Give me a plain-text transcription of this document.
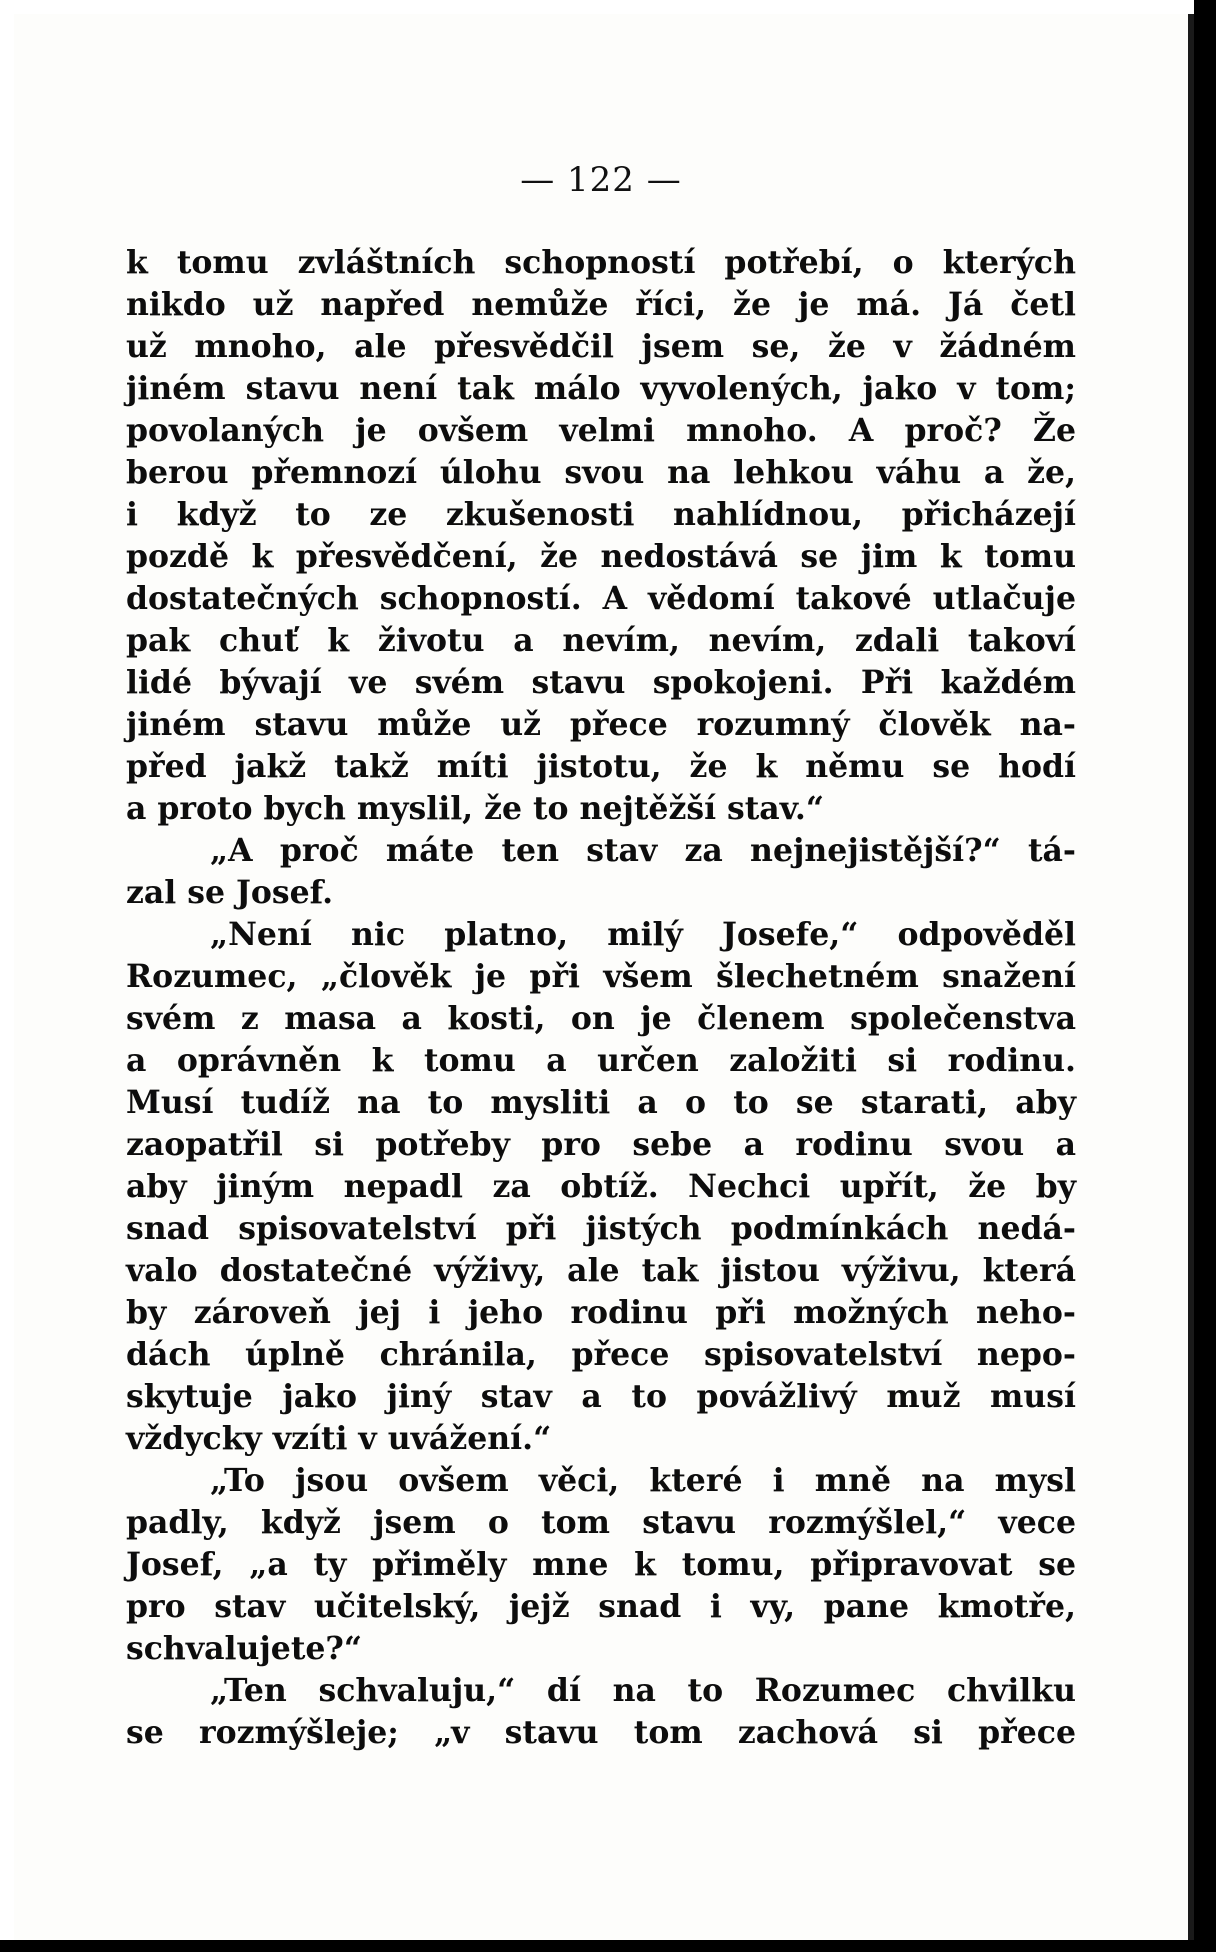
— 122 —
k tomu zvláštních schopností potřebí, o kterých
nikdo už napřed nemůže říci, že je má. Já četl
už mnoho, ale přesvědčil jsem se, že v žádném
jiném stavu není tak málo vyvolených, jako v tom;
povolaných je ovšem velmi mnoho. A proč? Že
berou přemnozí úlohu svou na lehkou váhu a že,
i když to ze zkušenosti nahlídnou, přicházejí
pozdě k přesvědčení, že nedostává se jim k tomu
dostatečných schopností. A vědomí takové utlačuje
pak chuť k životu a nevím, nevím, zdali takoví
lidé bývají ve svém stavu spokojeni. Při každém
jiném stavu může už přece rozumný člověk na-
před jakž takž míti jistotu, že k němu se hodí
a proto bych myslil, že to nejtěžší stav.“
„A proč máte ten stav za nejnejistější?“ tá-
zal se Josef.
„Není nic platno, milý Josefe,“ odpověděl
Rozumec, „člověk je při všem šlechetném snažení
svém z masa a kosti, on je členem společenstva
a oprávněn k tomu a určen založiti si rodinu.
Musí tudíž na to mysliti a o to se starati, aby
zaopatřil si potřeby pro sebe a rodinu svou a
aby jiným nepadl za obtíž. Nechci upřít, že by
snad spisovatelství při jistých podmínkách nedá-
valo dostatečné výživy, ale tak jistou výživu, která
by zároveň jej i jeho rodinu při možných neho-
dách úplně chránila, přece spisovatelství nepo-
skytuje jako jiný stav a to povážlivý muž musí
vždycky vzíti v uvážení.“
„To jsou ovšem věci, které i mně na mysl
padly, když jsem o tom stavu rozmýšlel,“ vece
Josef, „a ty přiměly mne k tomu, připravovat se
pro stav učitelský, jejž snad i vy, pane kmotře,
schvalujete?“
„Ten schvaluju,“ dí na to Rozumec chvilku
se rozmýšleje; „v stavu tom zachová si přece
